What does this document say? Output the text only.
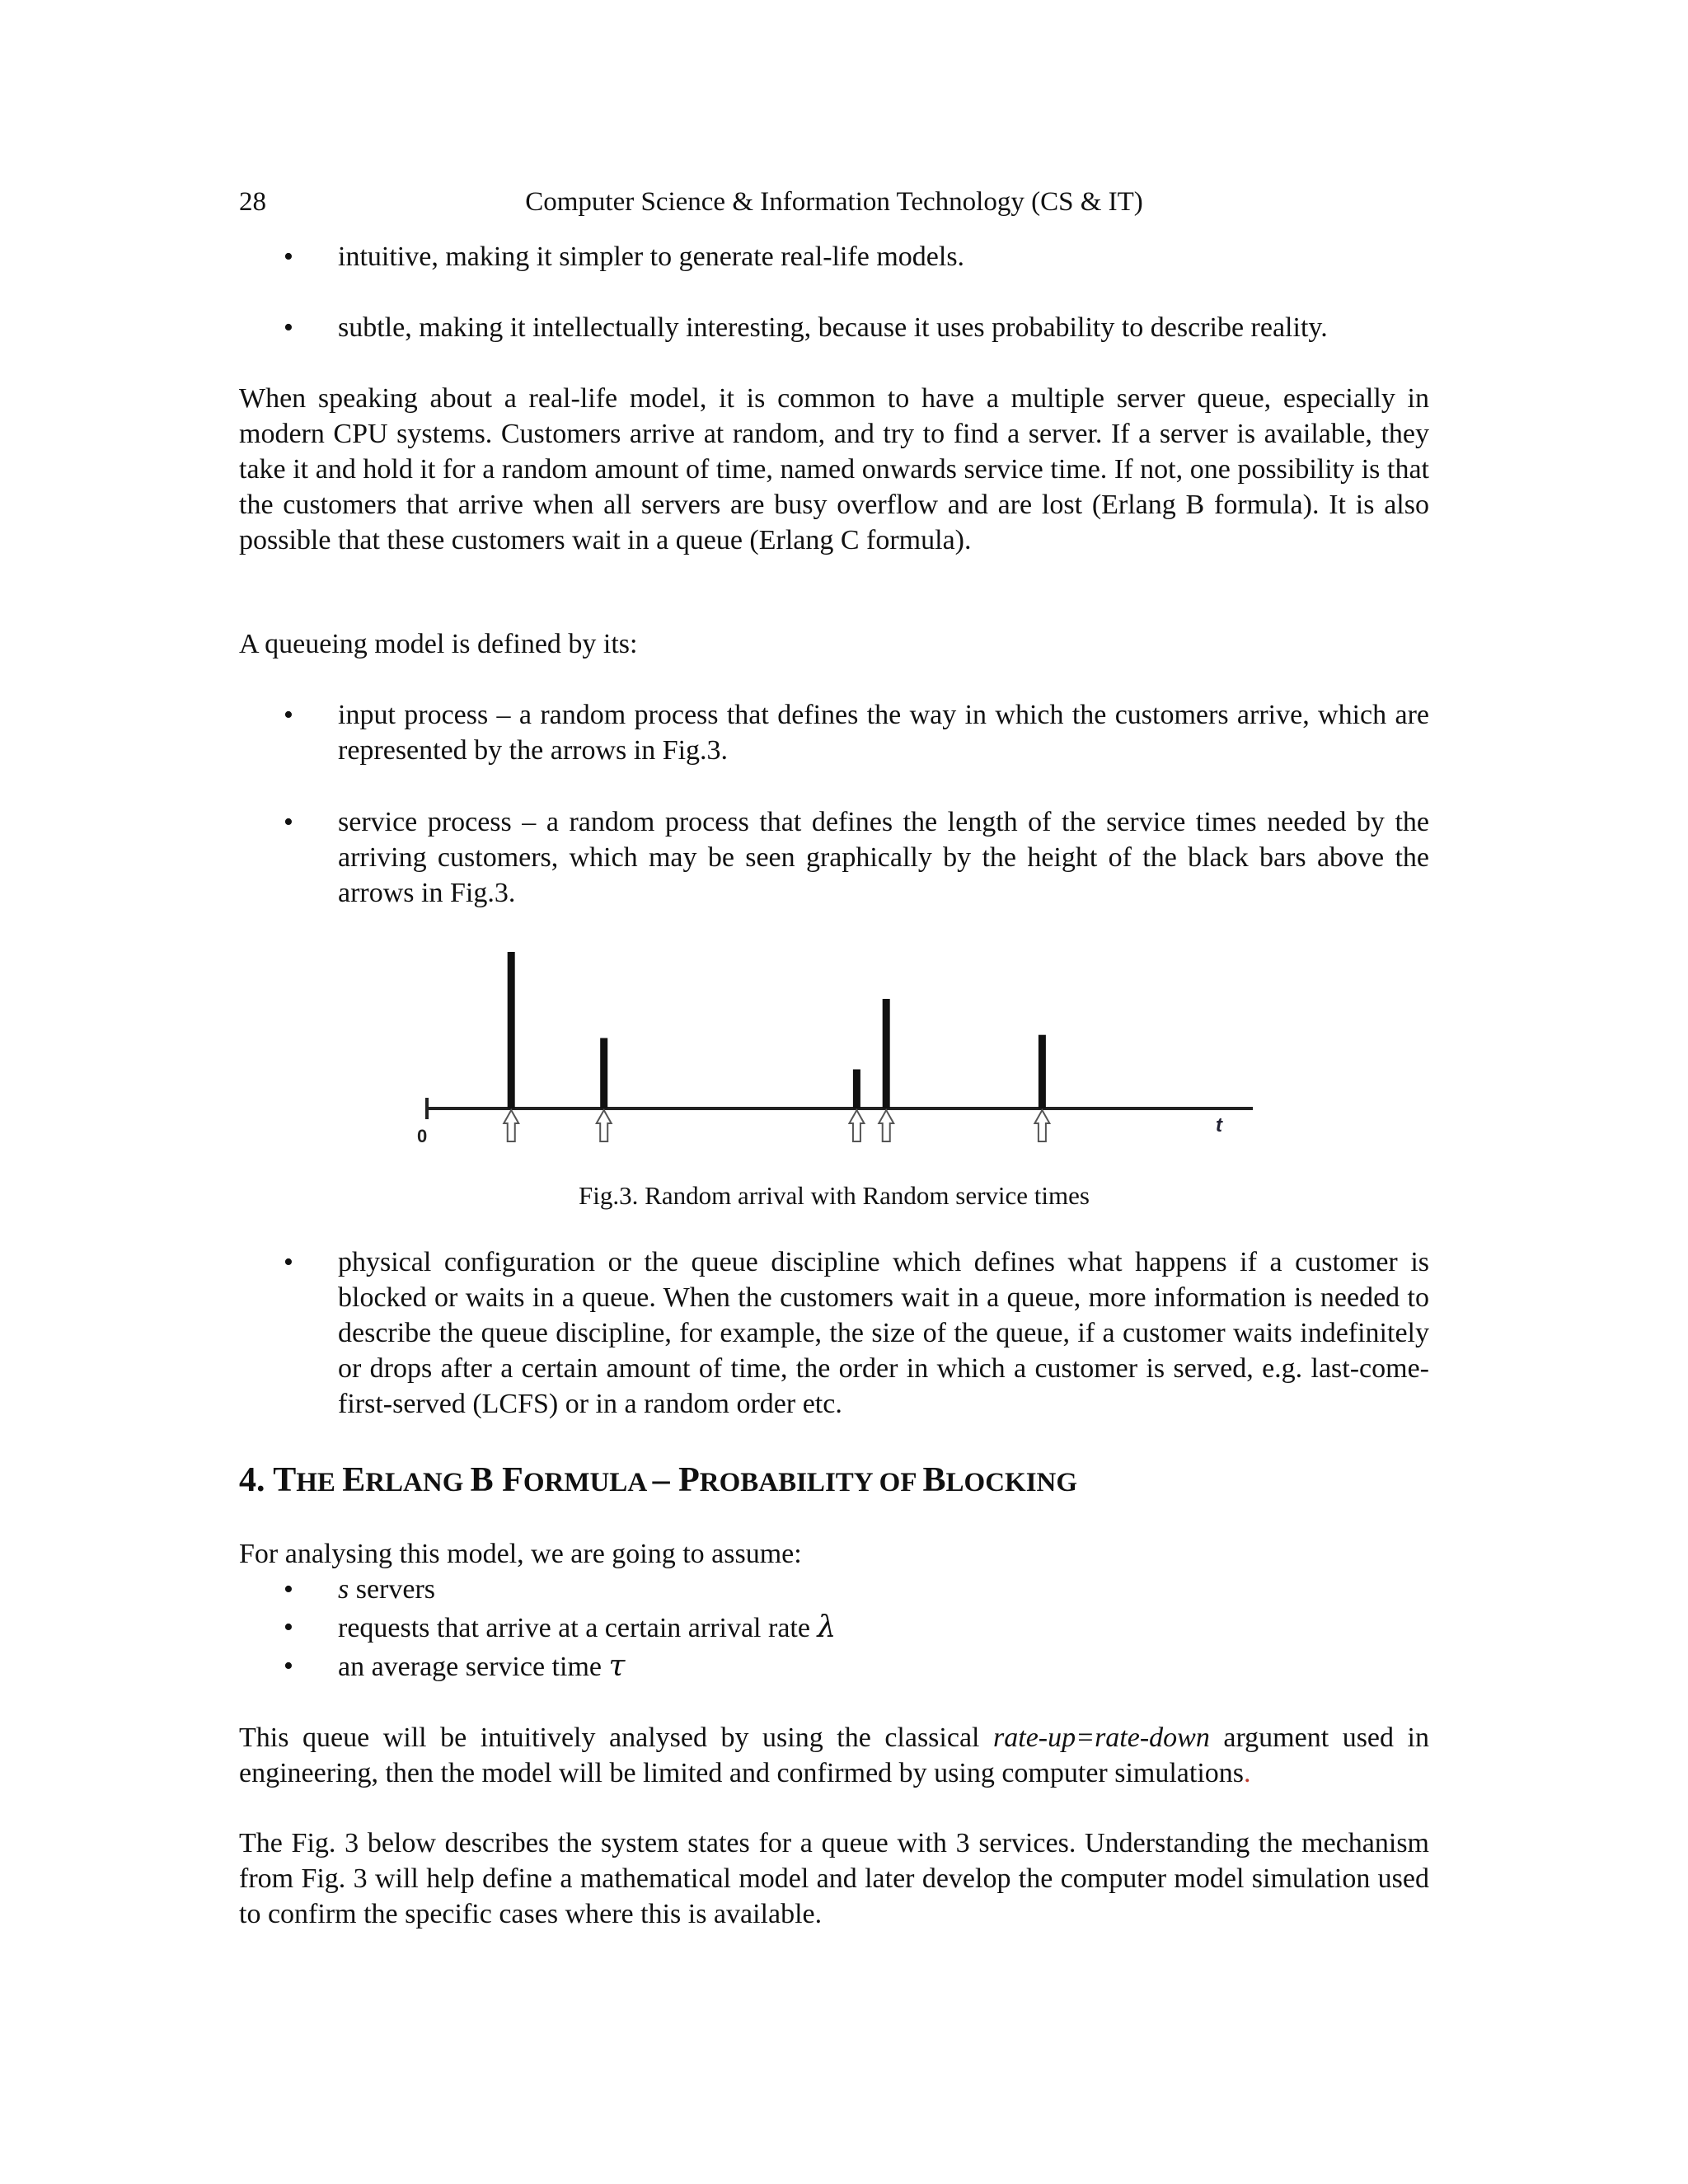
28	Computer Science & Information Technology (CS & IT)
•	intuitive, making it simpler to generate real-life models.
•	subtle, making it intellectually interesting, because it uses probability to describe reality.
When speaking about a real-life model, it is common to have a multiple server queue, especially in modern CPU systems. Customers arrive at random, and try to find a server. If a server is available, they take it and hold it for a random amount of time, named onwards service time. If not, one possibility is that the customers that arrive when all servers are busy overflow and are lost (Erlang B formula). It is also possible that these customers wait in a queue (Erlang C formula).
A queueing model is defined by its:
•	input process – a random process that defines the way in which the customers arrive, which are represented by the arrows in Fig.3.
•	service process – a random process that defines the length of the service times needed by the arriving customers, which may be seen graphically by the height of the black bars above the arrows in Fig.3.
0	t
Fig.3. Random arrival with Random service times
•	physical configuration or the queue discipline which defines what happens if a customer is blocked or waits in a queue. When the customers wait in a queue, more information is needed to describe the queue discipline, for example, the size of the queue, if a customer waits indefinitely or drops after a certain amount of time, the order in which a customer is served, e.g. last-come-first-served (LCFS) or in a random order etc.
4. THE ERLANG B FORMULA – PROBABILITY OF BLOCKING
For analysing this model, we are going to assume:
•	s servers
•	requests that arrive at a certain arrival rate λ
•	an average service time τ
This queue will be intuitively analysed by using the classical rate-up=rate-down argument used in engineering, then the model will be limited and confirmed by using computer simulations.
The Fig. 3 below describes the system states for a queue with 3 services. Understanding the mechanism from Fig. 3 will help define a mathematical model and later develop the computer model simulation used to confirm the specific cases where this is available.
